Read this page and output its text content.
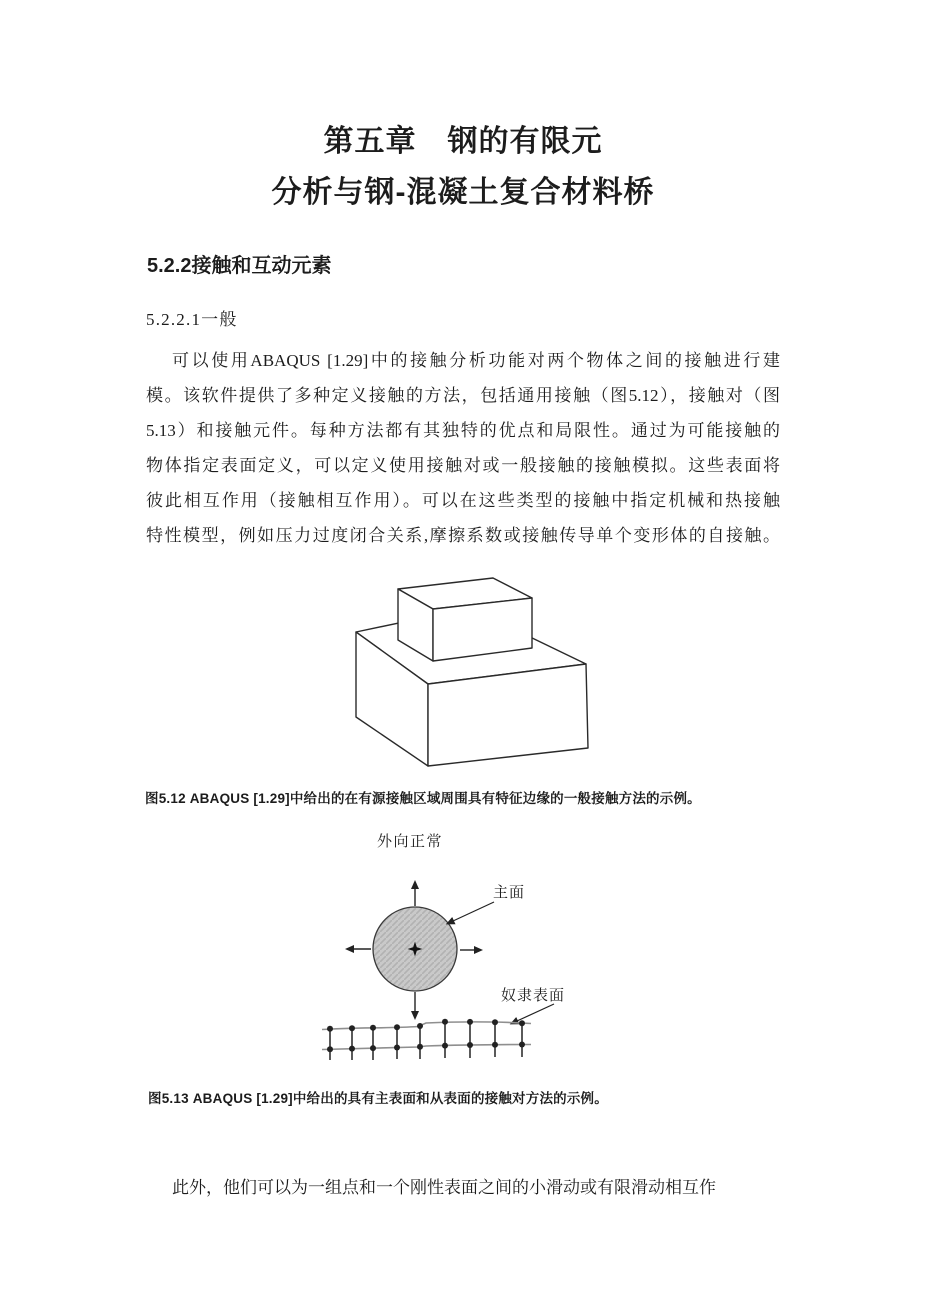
第五章　钢的有限元
分析与钢-混凝土复合材料桥
5.2.2接触和互动元素
5.2.2.1一般
可以使用ABAQUS [1.29]中的接触分析功能对两个物体之间的接触进行建
模。该软件提供了多种定义接触的方法，包括通用接触（图5.12），接触对（图
5.13）和接触元件。每种方法都有其独特的优点和局限性。通过为可能接触的
物体指定表面定义，可以定义使用接触对或一般接触的接触模拟。这些表面将
彼此相互作用（接触相互作用）。可以在这些类型的接触中指定机械和热接触
特性模型，例如压力过度闭合关系,摩擦系数或接触传导单个变形体的自接触。
图5.12 ABAQUS [1.29]中给出的在有源接触区域周围具有特征边缘的一般接触方法的示例。
外向正常
主面
奴隶表面
图5.13 ABAQUS [1.29]中给出的具有主表面和从表面的接触对方法的示例。
此外，他们可以为一组点和一个刚性表面之间的小滑动或有限滑动相互作
